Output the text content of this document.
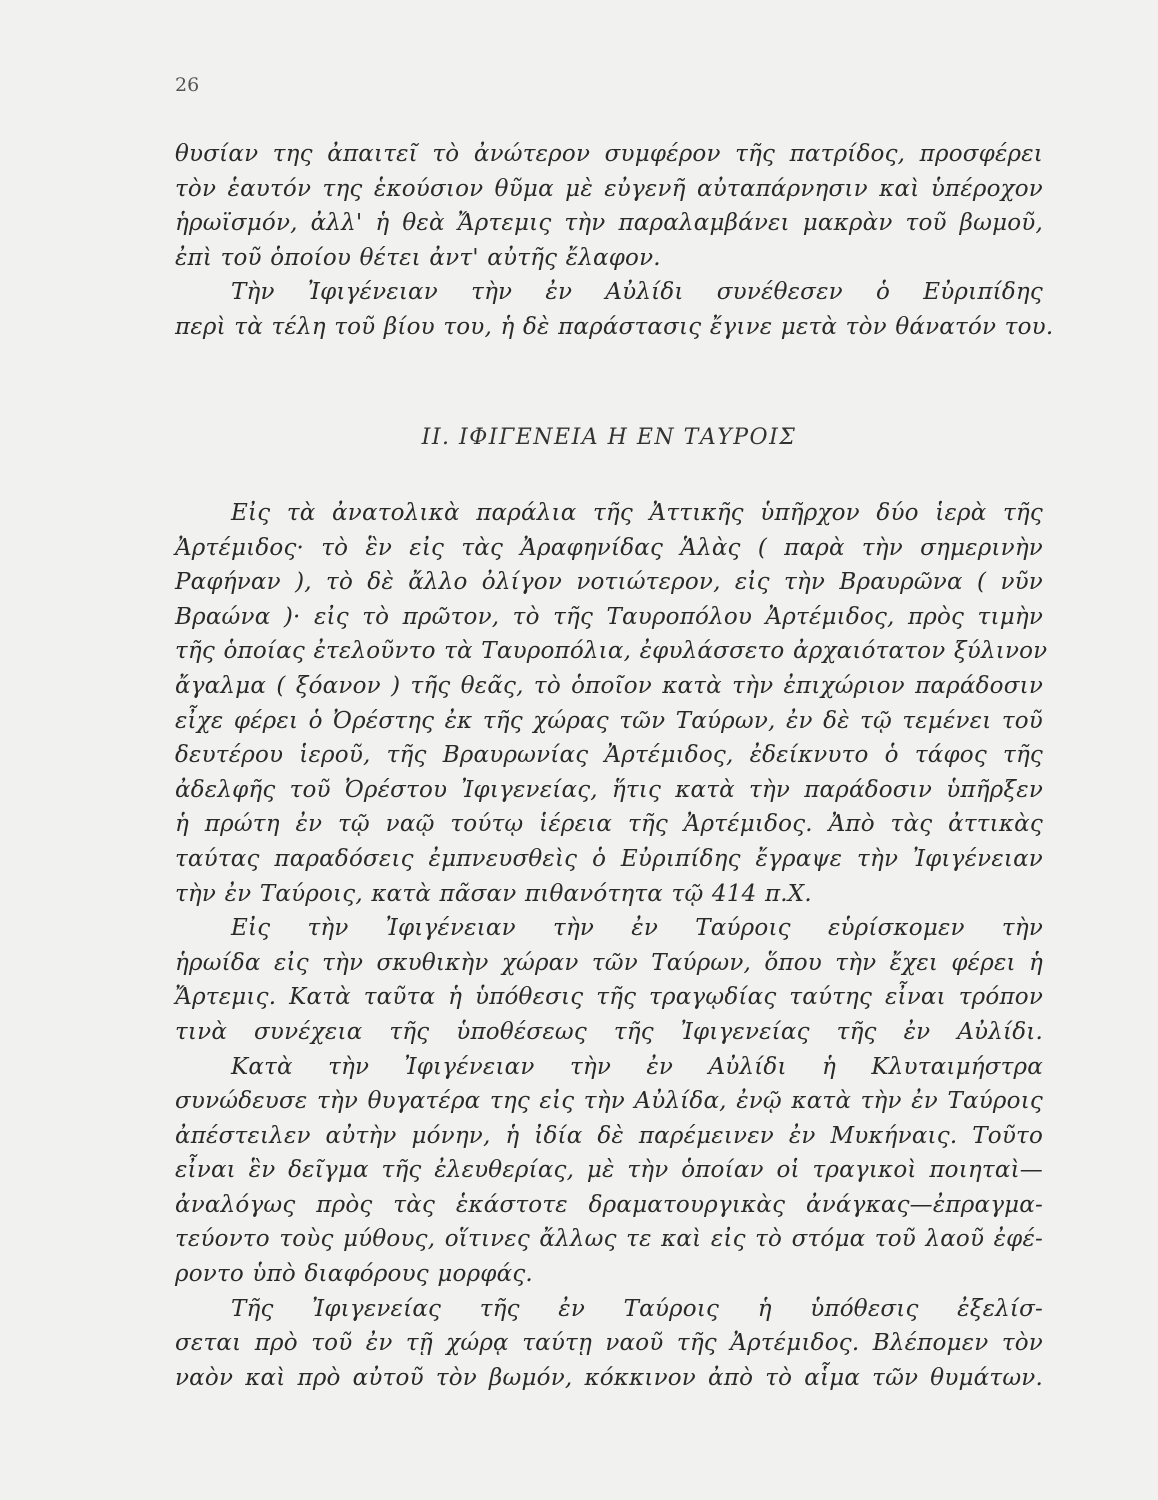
26
θυσίαν της ἀπαιτεῖ τὸ ἀνώτερον συμφέρον τῆς πατρίδος, προσφέρει
τὸν ἑαυτόν της ἑκούσιον θῦμα μὲ εὐγενῆ αὐταπάρνησιν καὶ ὑπέροχον
ἡρωϊσμόν, ἀλλ' ἡ θεὰ Ἄρτεμις τὴν παραλαμβάνει μακρὰν τοῦ βωμοῦ,
ἐπὶ τοῦ ὁποίου θέτει ἀντ' αὐτῆς ἔλαφον.
Τὴν Ἰφιγένειαν τὴν ἐν Αὐλίδι συνέθεσεν ὁ Εὐριπίδης
περὶ τὰ τέλη τοῦ βίου του, ἡ δὲ παράστασις ἔγινε μετὰ τὸν θάνατόν του.
ΙΙ. ΙΦΙΓΕΝΕΙΑ Η ΕΝ ΤΑΥΡΟΙΣ
Εἰς τὰ ἀνατολικὰ παράλια τῆς Ἀττικῆς ὑπῆρχον δύο ἱερὰ τῆς
Ἀρτέμιδος· τὸ ἓν εἰς τὰς Ἀραφηνίδας Ἁλὰς ( παρὰ τὴν σημερινὴν
Ραφήναν ), τὸ δὲ ἄλλο ὀλίγον νοτιώτερον, εἰς τὴν Βραυρῶνα ( νῦν
Βραώνα )· εἰς τὸ πρῶτον, τὸ τῆς Ταυροπόλου Ἀρτέμιδος, πρὸς τιμὴν
τῆς ὁποίας ἐτελοῦντο τὰ Ταυροπόλια, ἐφυλάσσετο ἀρχαιότατον ξύλινον
ἄγαλμα ( ξόανον ) τῆς θεᾶς, τὸ ὁποῖον κατὰ τὴν ἐπιχώριον παράδοσιν
εἶχε φέρει ὁ Ὀρέστης ἐκ τῆς χώρας τῶν Ταύρων, ἐν δὲ τῷ τεμένει τοῦ
δευτέρου ἱεροῦ, τῆς Βραυρωνίας Ἀρτέμιδος, ἐδείκνυτο ὁ τάφος τῆς
ἀδελφῆς τοῦ Ὀρέστου Ἰφιγενείας, ἥτις κατὰ τὴν παράδοσιν ὑπῆρξεν
ἡ πρώτη ἐν τῷ ναῷ τούτῳ ἱέρεια τῆς Ἀρτέμιδος. Ἀπὸ τὰς ἀττικὰς
ταύτας παραδόσεις ἐμπνευσθεὶς ὁ Εὐριπίδης ἔγραψε τὴν Ἰφιγένειαν
τὴν ἐν Ταύροις, κατὰ πᾶσαν πιθανότητα τῷ 414 π.Χ.
Εἰς τὴν Ἰφιγένειαν τὴν ἐν Ταύροις εὑρίσκομεν τὴν
ἡρωίδα εἰς τὴν σκυθικὴν χώραν τῶν Ταύρων, ὅπου τὴν ἔχει φέρει ἡ
Ἄρτεμις. Κατὰ ταῦτα ἡ ὑπόθεσις τῆς τραγῳδίας ταύτης εἶναι τρόπον
τινὰ συνέχεια τῆς ὑποθέσεως τῆς Ἰφιγενείας τῆς ἐν Αὐλίδι.
Κατὰ τὴν Ἰφιγένειαν τὴν ἐν Αὐλίδι ἡ Κλυταιμήστρα
συνώδευσε τὴν θυγατέρα της εἰς τὴν Αὐλίδα, ἐνῷ κατὰ τὴν ἐν Ταύροις
ἀπέστειλεν αὐτὴν μόνην, ἡ ἰδία δὲ παρέμεινεν ἐν Μυκήναις. Τοῦτο
εἶναι ἓν δεῖγμα τῆς ἐλευθερίας, μὲ τὴν ὁποίαν οἱ τραγικοὶ ποιηταὶ—
ἀναλόγως πρὸς τὰς ἑκάστοτε δραματουργικὰς ἀνάγκας—ἐπραγμα-
τεύοντο τοὺς μύθους, οἵτινες ἄλλως τε καὶ εἰς τὸ στόμα τοῦ λαοῦ ἐφέ-
ροντο ὑπὸ διαφόρους μορφάς.
Τῆς Ἰφιγενείας τῆς ἐν Ταύροις ἡ ὑπόθεσις ἐξελίσ-
σεται πρὸ τοῦ ἐν τῇ χώρᾳ ταύτῃ ναοῦ τῆς Ἀρτέμιδος. Βλέπομεν τὸν
ναὸν καὶ πρὸ αὐτοῦ τὸν βωμόν, κόκκινον ἀπὸ τὸ αἷμα τῶν θυμάτων.
